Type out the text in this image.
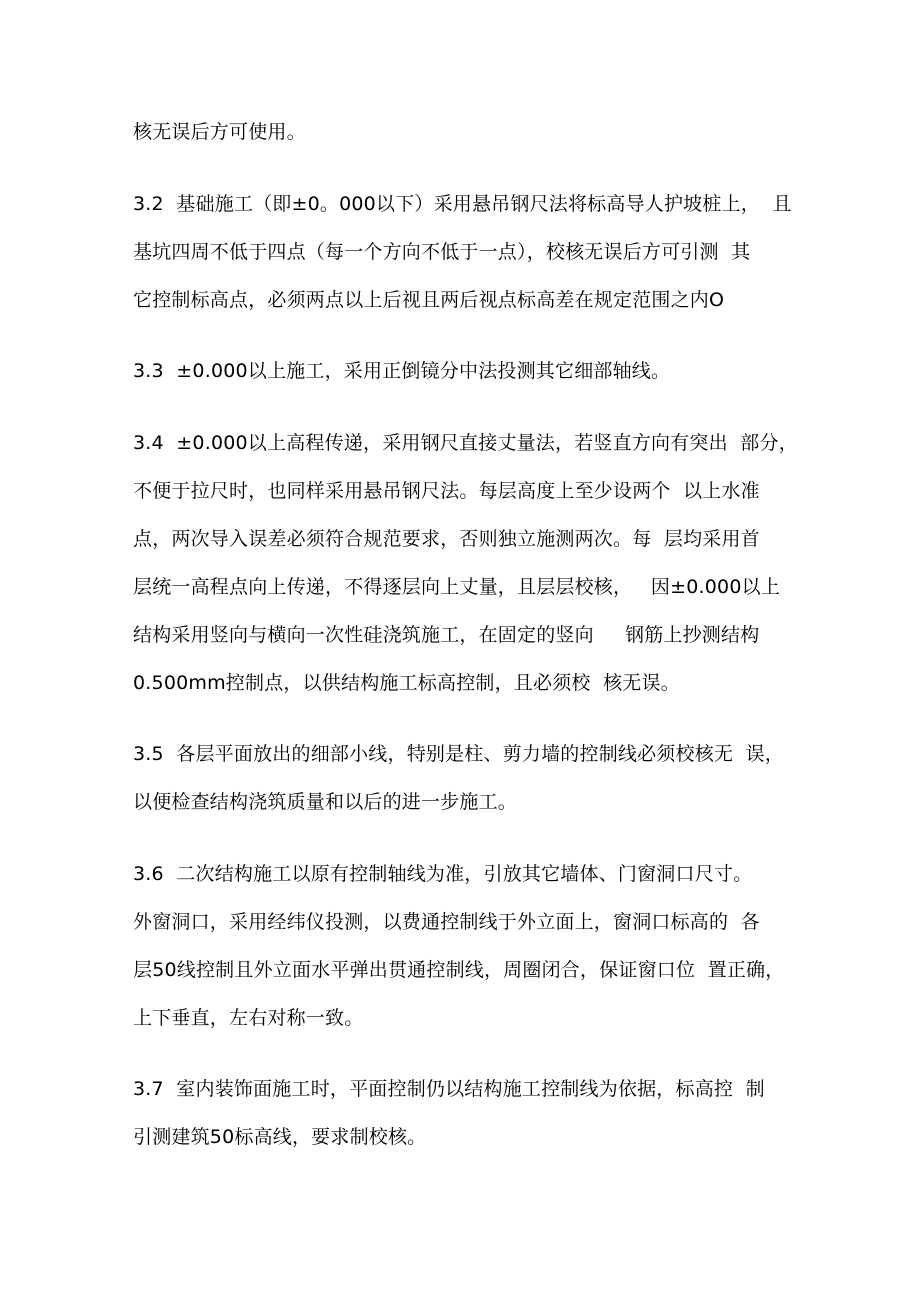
核无误后方可使用。
3.2  基础施工（即±0。000以下）采用悬吊钢尺法将标高导人护坡桩上，  且
基坑四周不低于四点（每一个方向不低于一点），校核无误后方可引测  其
它控制标高点，必须两点以上后视且两后视点标高差在规定范围之内O
3.3  ±0.000以上施工，采用正倒镜分中法投测其它细部轴线。
3.4  ±0.000以上高程传递，采用钢尺直接丈量法，若竖直方向有突出  部分，
不便于拉尺时，也同样采用悬吊钢尺法。每层高度上至少设两个  以上水准
点，两次导入误差必须符合规范要求，否则独立施测两次。每  层均采用首
层统一高程点向上传递，不得逐层向上丈量，且层层校核，   因±0.000以上
结构采用竖向与横向一次性硅浇筑施工，在固定的竖向     钢筋上抄测结构
0.500mm控制点，以供结构施工标高控制，且必须校  核无误。
3.5  各层平面放出的细部小线，特别是柱、剪力墙的控制线必须校核无  误，
以便检查结构浇筑质量和以后的进一步施工。
3.6  二次结构施工以原有控制轴线为准，引放其它墙体、门窗洞口尺寸。
外窗洞口，采用经纬仪投测，以费通控制线于外立面上，窗洞口标高的  各
层50线控制且外立面水平弹出贯通控制线，周圈闭合，保证窗口位  置正确，
上下垂直，左右对称一致。
3.7  室内装饰面施工时，平面控制仍以结构施工控制线为依据，标高控  制
引测建筑50标高线，要求制校核。
